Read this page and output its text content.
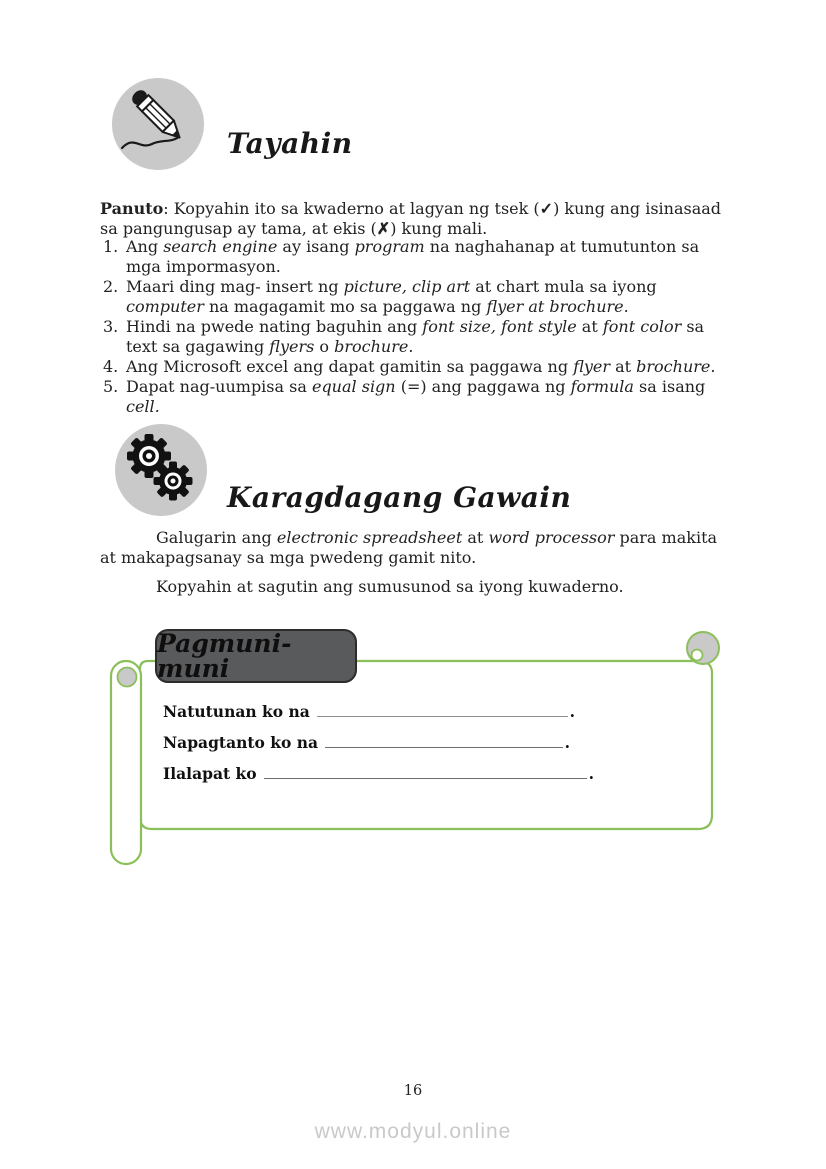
Tayahin

Panuto: Kopyahin ito sa kwaderno at lagyan ng tsek (✓) kung ang isinasaad sa pangungusap ay tama, at ekis (✗) kung mali.

1. Ang search engine ay isang program na naghahanap at tumutunton sa mga impormasyon.
2. Maari ding mag- insert ng picture, clip art at chart mula sa iyong computer na magagamit mo sa paggawa ng flyer at brochure.
3. Hindi na pwede nating baguhin ang font size, font style at font color sa text sa gagawing flyers o brochure.
4. Ang Microsoft excel ang dapat gamitin sa paggawa ng flyer at brochure.
5. Dapat nag-uumpisa sa equal sign (=) ang paggawa ng formula sa isang cell.
Karagdagang Gawain

Galugarin ang electronic spreadsheet at word processor para makita at makapagsanay sa mga pwedeng gamit nito.

Kopyahin at sagutin ang sumusunod sa iyong kuwaderno.

Pagmuni-muni
Natutunan ko na	.
Napagtanto ko na	.
Ilalapat ko	.
16
www.modyul.online
